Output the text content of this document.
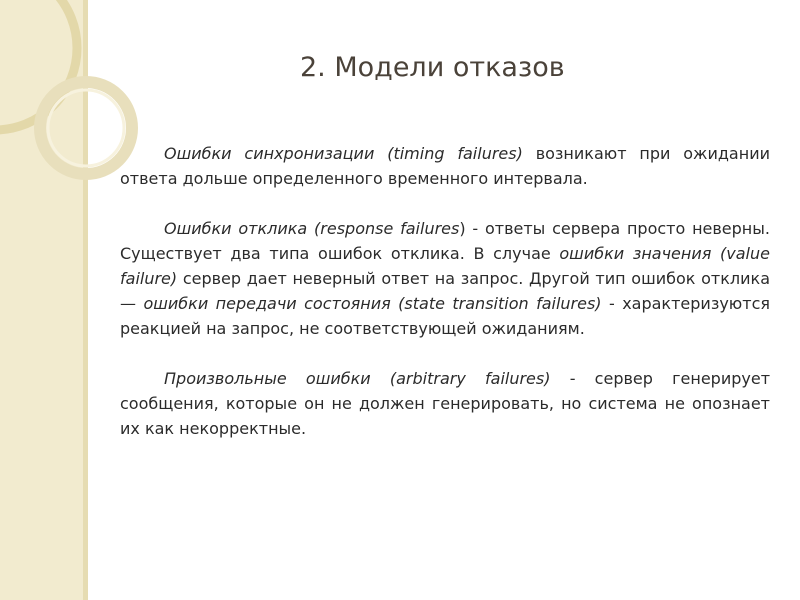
2. Модели отказов

Ошибки синхронизации (timing failures) возникают при ожидании ответа дольше определенного временного интервала.

Ошибки отклика (response failures) - ответы сервера просто неверны. Существует два типа ошибок отклика. В случае ошибки значения (value failure) сервер дает неверный ответ на запрос. Другой тип ошибок отклика — ошибки передачи состояния (state transition failures) - характеризуются реакцией на запрос, не соответствующей ожиданиям.

Произвольные ошибки (arbitrary failures) - сервер генерирует сообщения, которые он не должен генерировать, но система не опознает их как некорректные.
